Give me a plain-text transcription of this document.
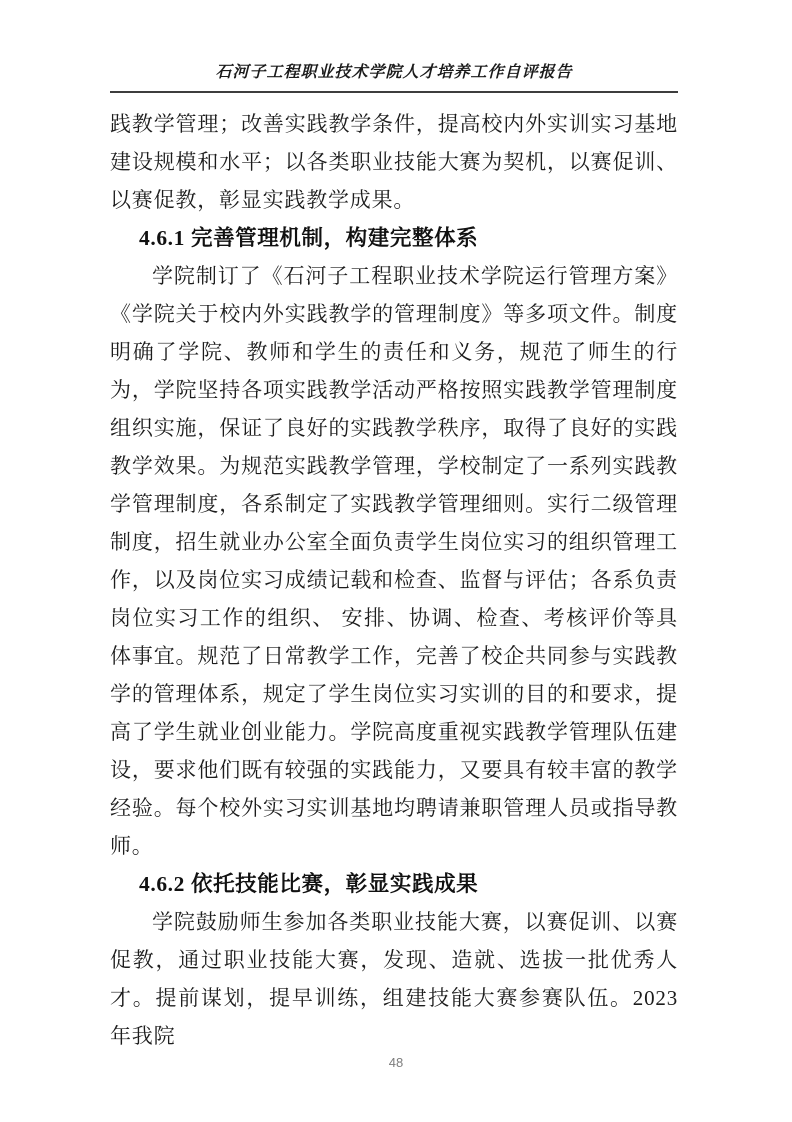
石河子工程职业技术学院人才培养工作自评报告

践教学管理；改善实践教学条件，提高校内外实训实习基地建设规模和水平；以各类职业技能大赛为契机，以赛促训、以赛促教，彰显实践教学成果。

4.6.1 完善管理机制，构建完整体系

学院制订了《石河子工程职业技术学院运行管理方案》《学院关于校内外实践教学的管理制度》等多项文件。制度明确了学院、教师和学生的责任和义务，规范了师生的行为，学院坚持各项实践教学活动严格按照实践教学管理制度组织实施，保证了良好的实践教学秩序，取得了良好的实践教学效果。为规范实践教学管理，学校制定了一系列实践教学管理制度，各系制定了实践教学管理细则。实行二级管理制度，招生就业办公室全面负责学生岗位实习的组织管理工作，以及岗位实习成绩记载和检查、监督与评估；各系负责岗位实习工作的组织、 安排、协调、检查、考核评价等具体事宜。规范了日常教学工作，完善了校企共同参与实践教学的管理体系，规定了学生岗位实习实训的目的和要求，提高了学生就业创业能力。学院高度重视实践教学管理队伍建设，要求他们既有较强的实践能力，又要具有较丰富的教学经验。每个校外实习实训基地均聘请兼职管理人员或指导教师。

4.6.2 依托技能比赛，彰显实践成果

学院鼓励师生参加各类职业技能大赛，以赛促训、以赛促教，通过职业技能大赛，发现、造就、选拔一批优秀人才。提前谋划，提早训练，组建技能大赛参赛队伍。2023年我院

48
